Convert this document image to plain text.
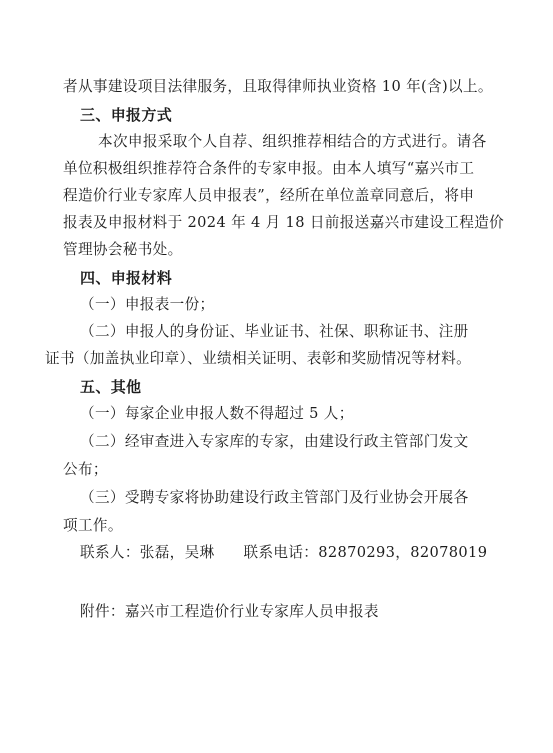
者从事建设项目法律服务，且取得律师执业资格 10 年(含)以上。
三、申报方式
本次申报采取个人自荐、组织推荐相结合的方式进行。请各
单位积极组织推荐符合条件的专家申报。由本人填写“嘉兴市工
程造价行业专家库人员申报表”，经所在单位盖章同意后，将申
报表及申报材料于 2024 年 4 月 18 日前报送嘉兴市建设工程造价
管理协会秘书处。
四、申报材料
（一）申报表一份；
（二）申报人的身份证、毕业证书、社保、职称证书、注册
证书（加盖执业印章）、业绩相关证明、表彰和奖励情况等材料。
五、其他
（一）每家企业申报人数不得超过 5 人；
（二）经审查进入专家库的专家，由建设行政主管部门发文
公布；
（三）受聘专家将协助建设行政主管部门及行业协会开展各
项工作。
联系人：张磊，吴琳 联系电话：82870293，82078019
附件：嘉兴市工程造价行业专家库人员申报表
